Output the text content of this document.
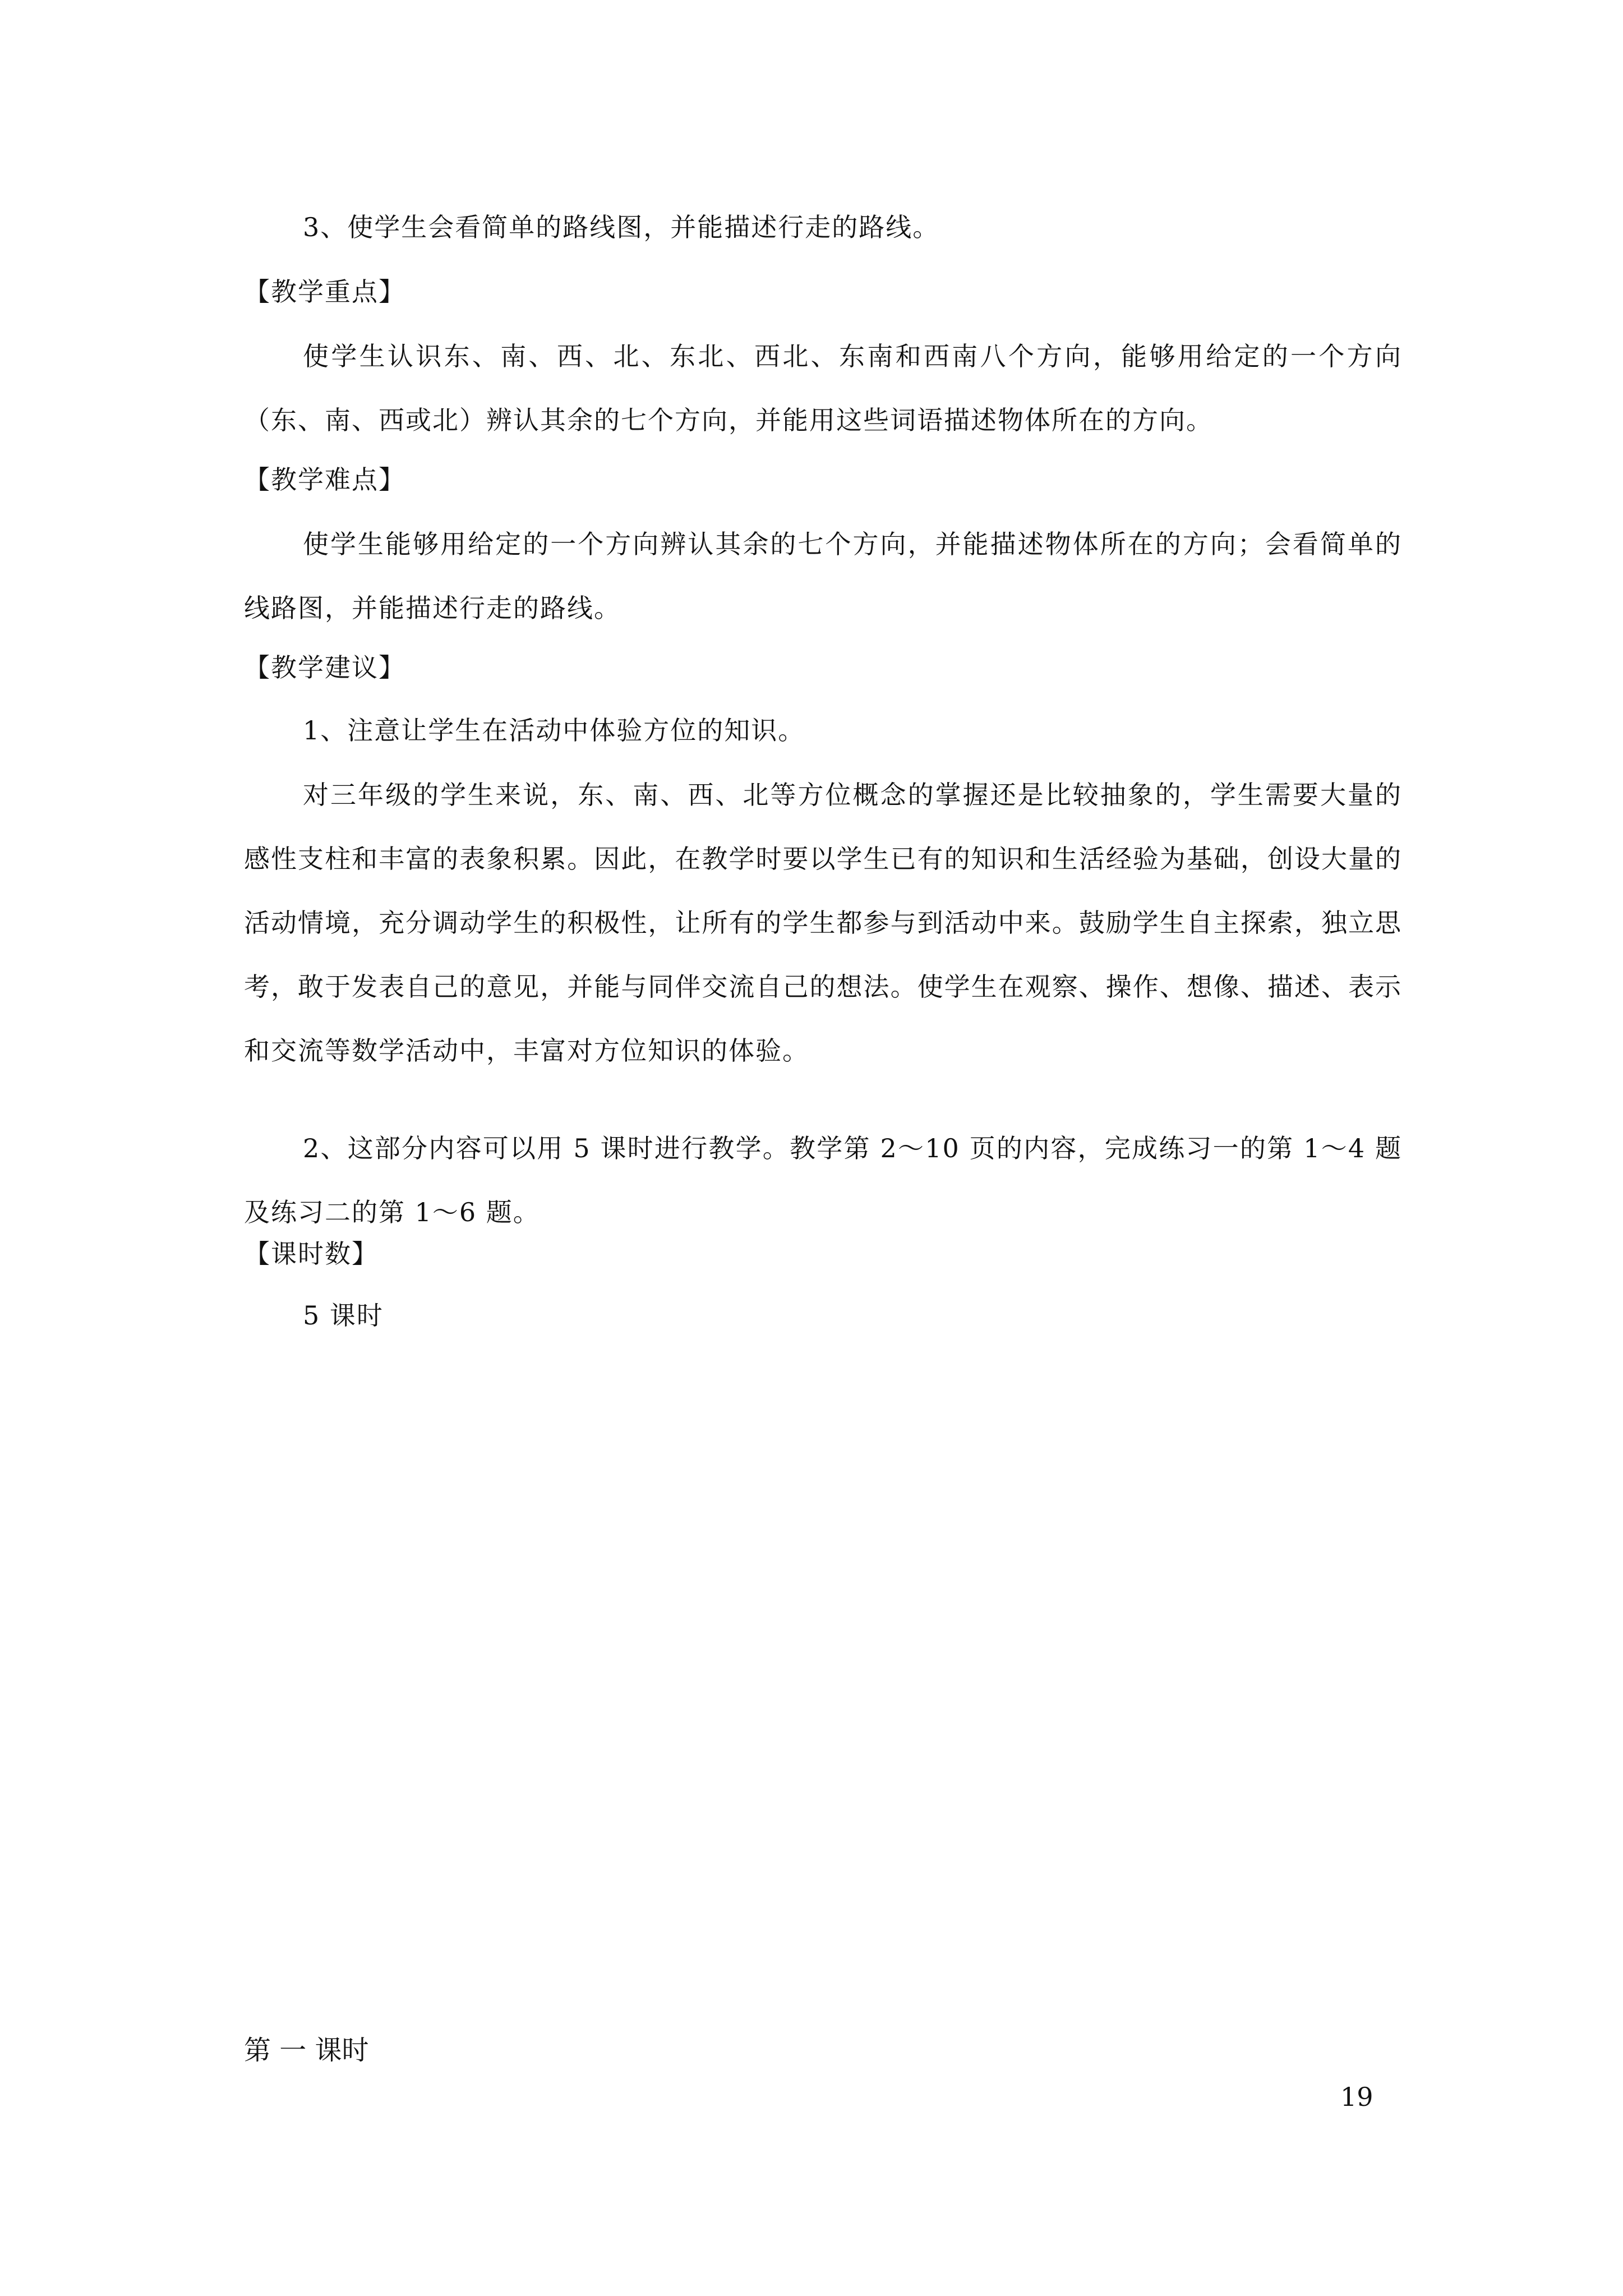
3、使学生会看简单的路线图，并能描述行走的路线。
【教学重点】
使学生认识东、南、西、北、东北、西北、东南和西南八个方向，能够用给定的一个方向（东、南、西或北）辨认其余的七个方向，并能用这些词语描述物体所在的方向。
【教学难点】
使学生能够用给定的一个方向辨认其余的七个方向，并能描述物体所在的方向；会看简单的线路图，并能描述行走的路线。
【教学建议】
1、注意让学生在活动中体验方位的知识。
对三年级的学生来说，东、南、西、北等方位概念的掌握还是比较抽象的，学生需要大量的感性支柱和丰富的表象积累。因此，在教学时要以学生已有的知识和生活经验为基础，创设大量的活动情境，充分调动学生的积极性，让所有的学生都参与到活动中来。鼓励学生自主探索，独立思考，敢于发表自己的意见，并能与同伴交流自己的想法。使学生在观察、操作、想像、描述、表示和交流等数学活动中，丰富对方位知识的体验。
2、这部分内容可以用 5 课时进行教学。教学第 2～10 页的内容，完成练习一的第 1～4 题及练习二的第 1～6 题。
【课时数】
5 课时
第 一 课时
19
